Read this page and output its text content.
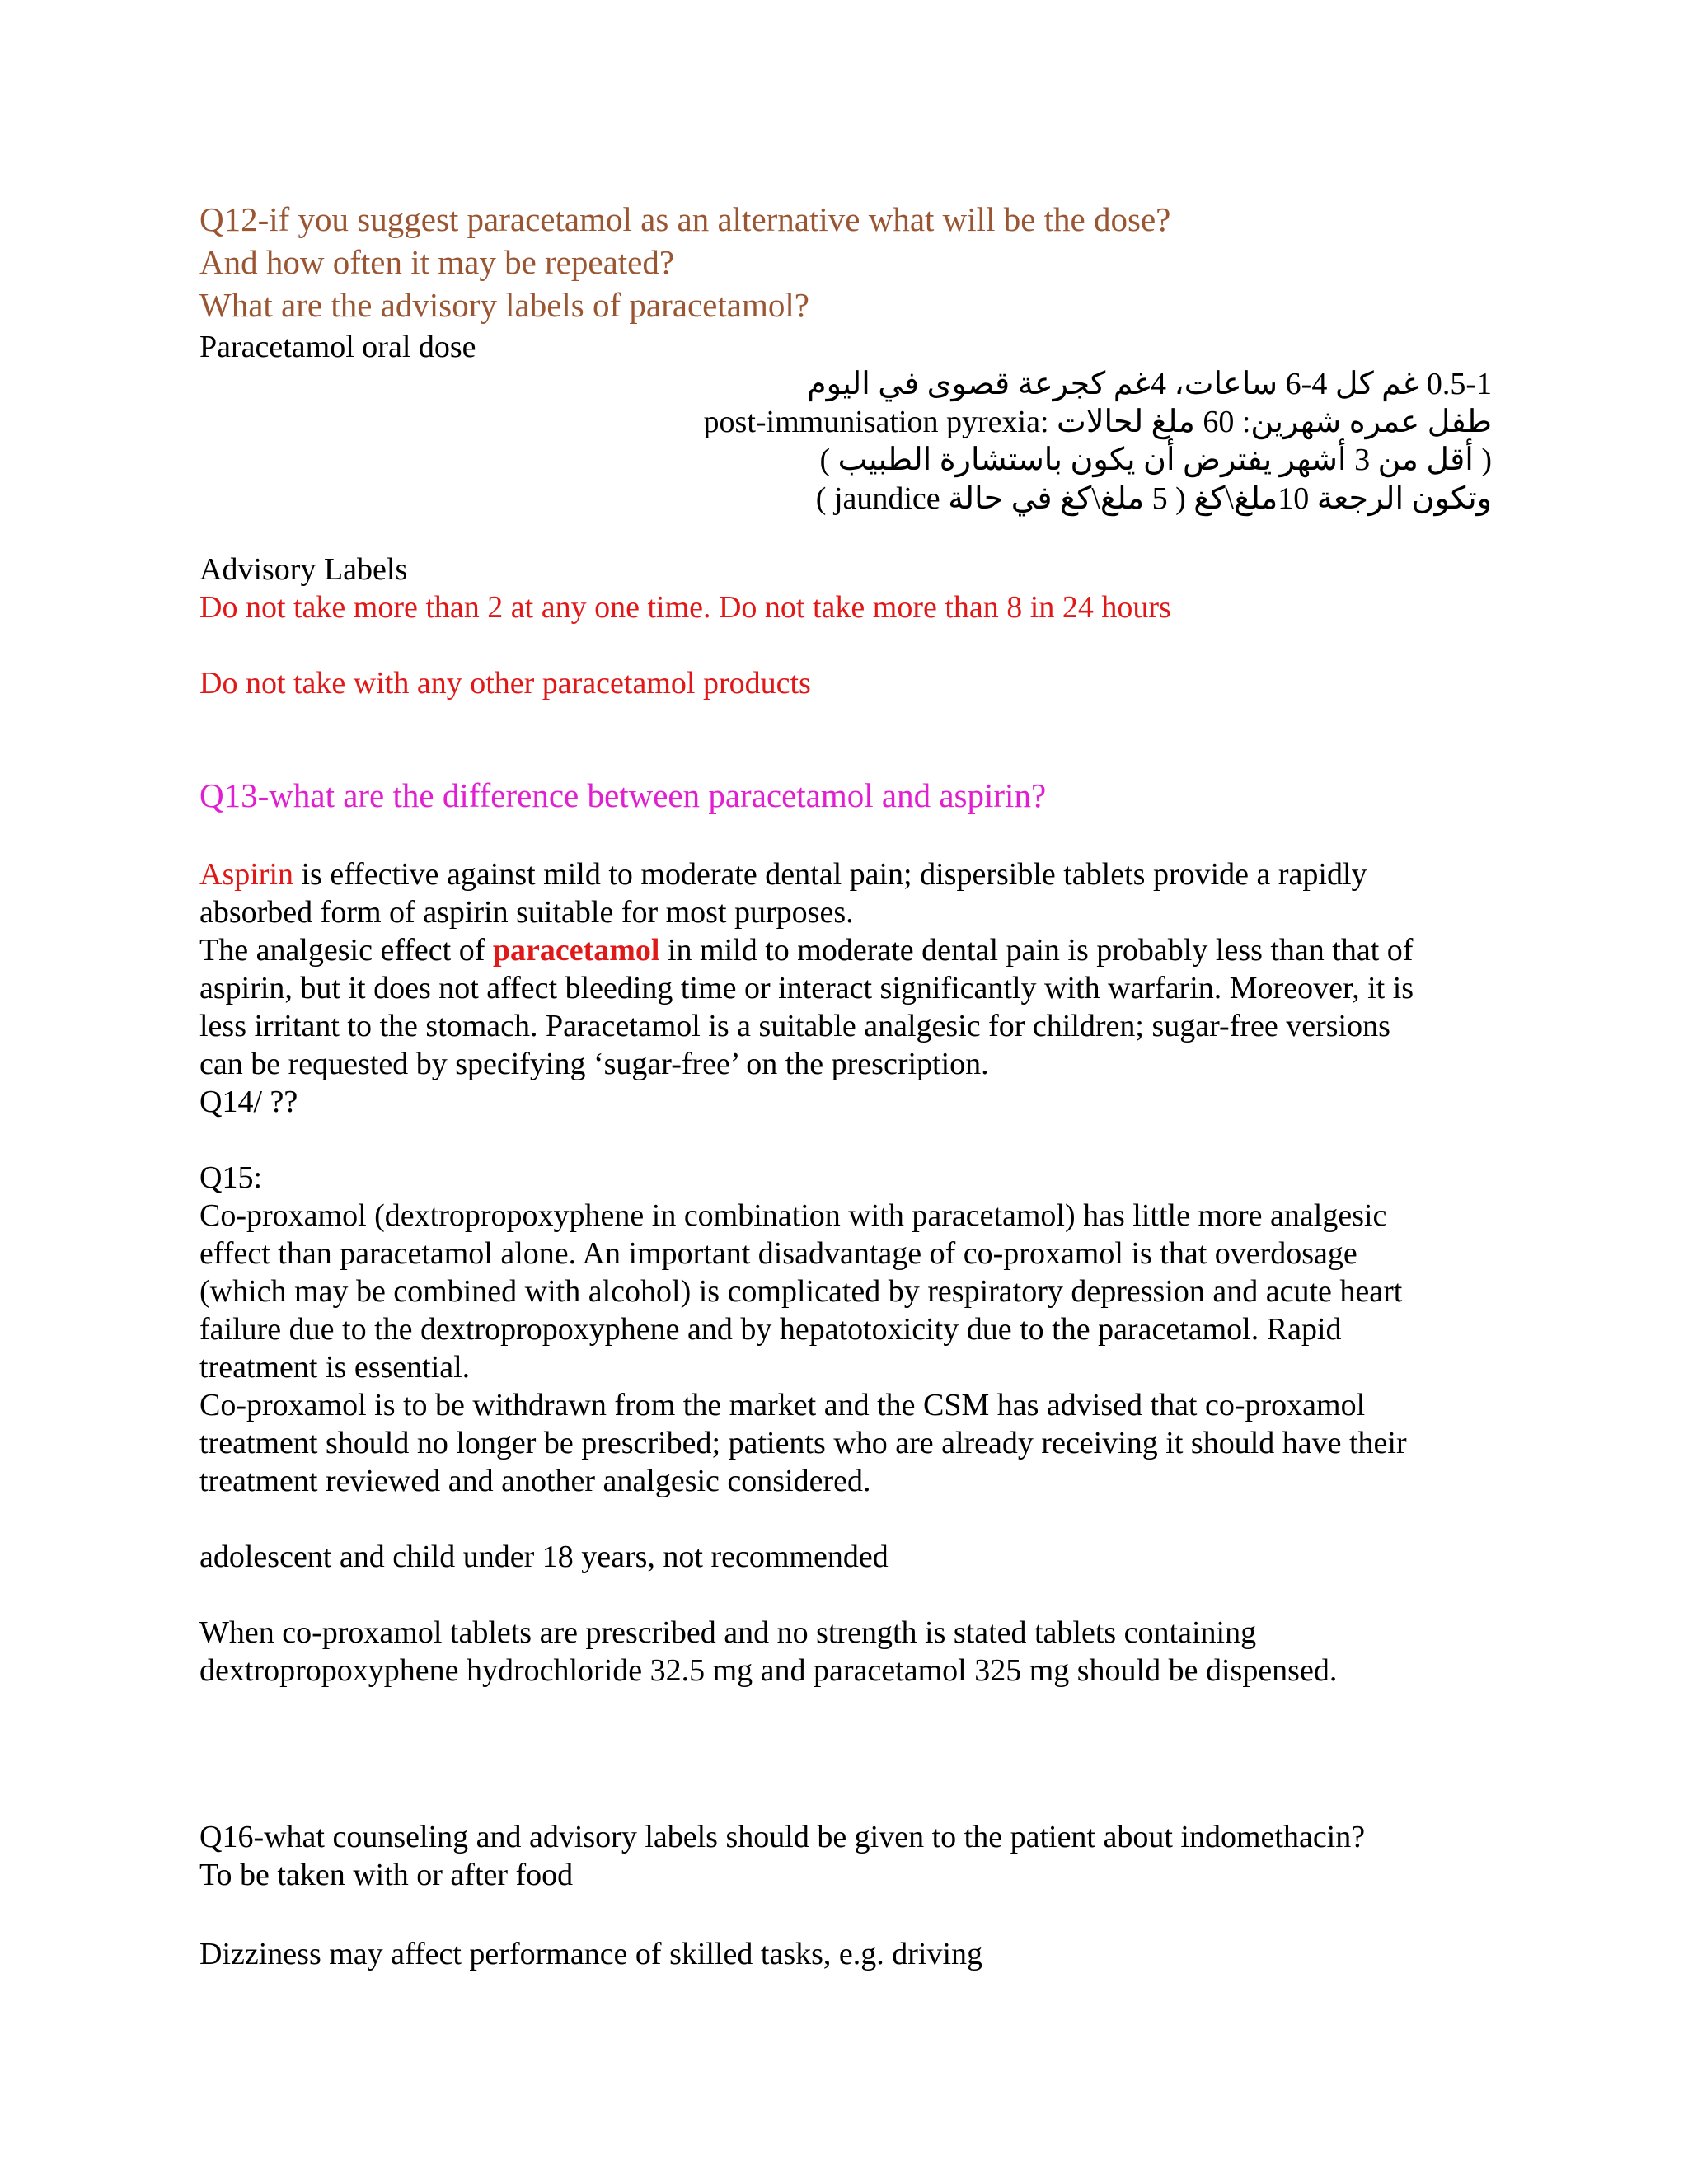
Q12-if you suggest paracetamol as an alternative what will be the dose?

And how often it may be repeated?

What are the advisory labels of paracetamol?

Paracetamol oral dose

0.5-1 غم كل 4-6 ساعات، 4غم كجرعة قصوى في اليوم

post-immunisation pyrexia: طفل عمره شهرين: 60 ملغ لحالات

( أقل من 3 أشهر يفترض أن يكون باستشارة الطبيب )

( jaundice وتكون الرجعة 10ملغ\كغ ( 5 ملغ\كغ في حالة

Advisory Labels

Do not take more than 2 at any one time. Do not take more than 8 in 24 hours

Do not take with any other paracetamol products

Q13-what are the difference between paracetamol and aspirin?

Aspirin is effective against mild to moderate dental pain; dispersible tablets provide a rapidly

absorbed form of aspirin suitable for most purposes.

The analgesic effect of paracetamol in mild to moderate dental pain is probably less than that of

aspirin, but it does not affect bleeding time or interact significantly with warfarin. Moreover, it is

less irritant to the stomach. Paracetamol is a suitable analgesic for children; sugar-free versions

can be requested by specifying ‘sugar-free’ on the prescription.

Q14/ ??

Q15:

Co-proxamol (dextropropoxyphene in combination with paracetamol) has little more analgesic

effect than paracetamol alone. An important disadvantage of co-proxamol is that overdosage

(which may be combined with alcohol) is complicated by respiratory depression and acute heart

failure due to the dextropropoxyphene and by hepatotoxicity due to the paracetamol. Rapid

treatment is essential.

Co-proxamol is to be withdrawn from the market and the CSM has advised that co-proxamol

treatment should no longer be prescribed; patients who are already receiving it should have their

treatment reviewed and another analgesic considered.

adolescent and child under 18 years, not recommended

When co-proxamol tablets are prescribed and no strength is stated tablets containing

dextropropoxyphene hydrochloride 32.5 mg and paracetamol 325 mg should be dispensed.

Q16-what counseling and advisory labels should be given to the patient about indomethacin?

To be taken with or after food

Dizziness may affect performance of skilled tasks, e.g. driving
